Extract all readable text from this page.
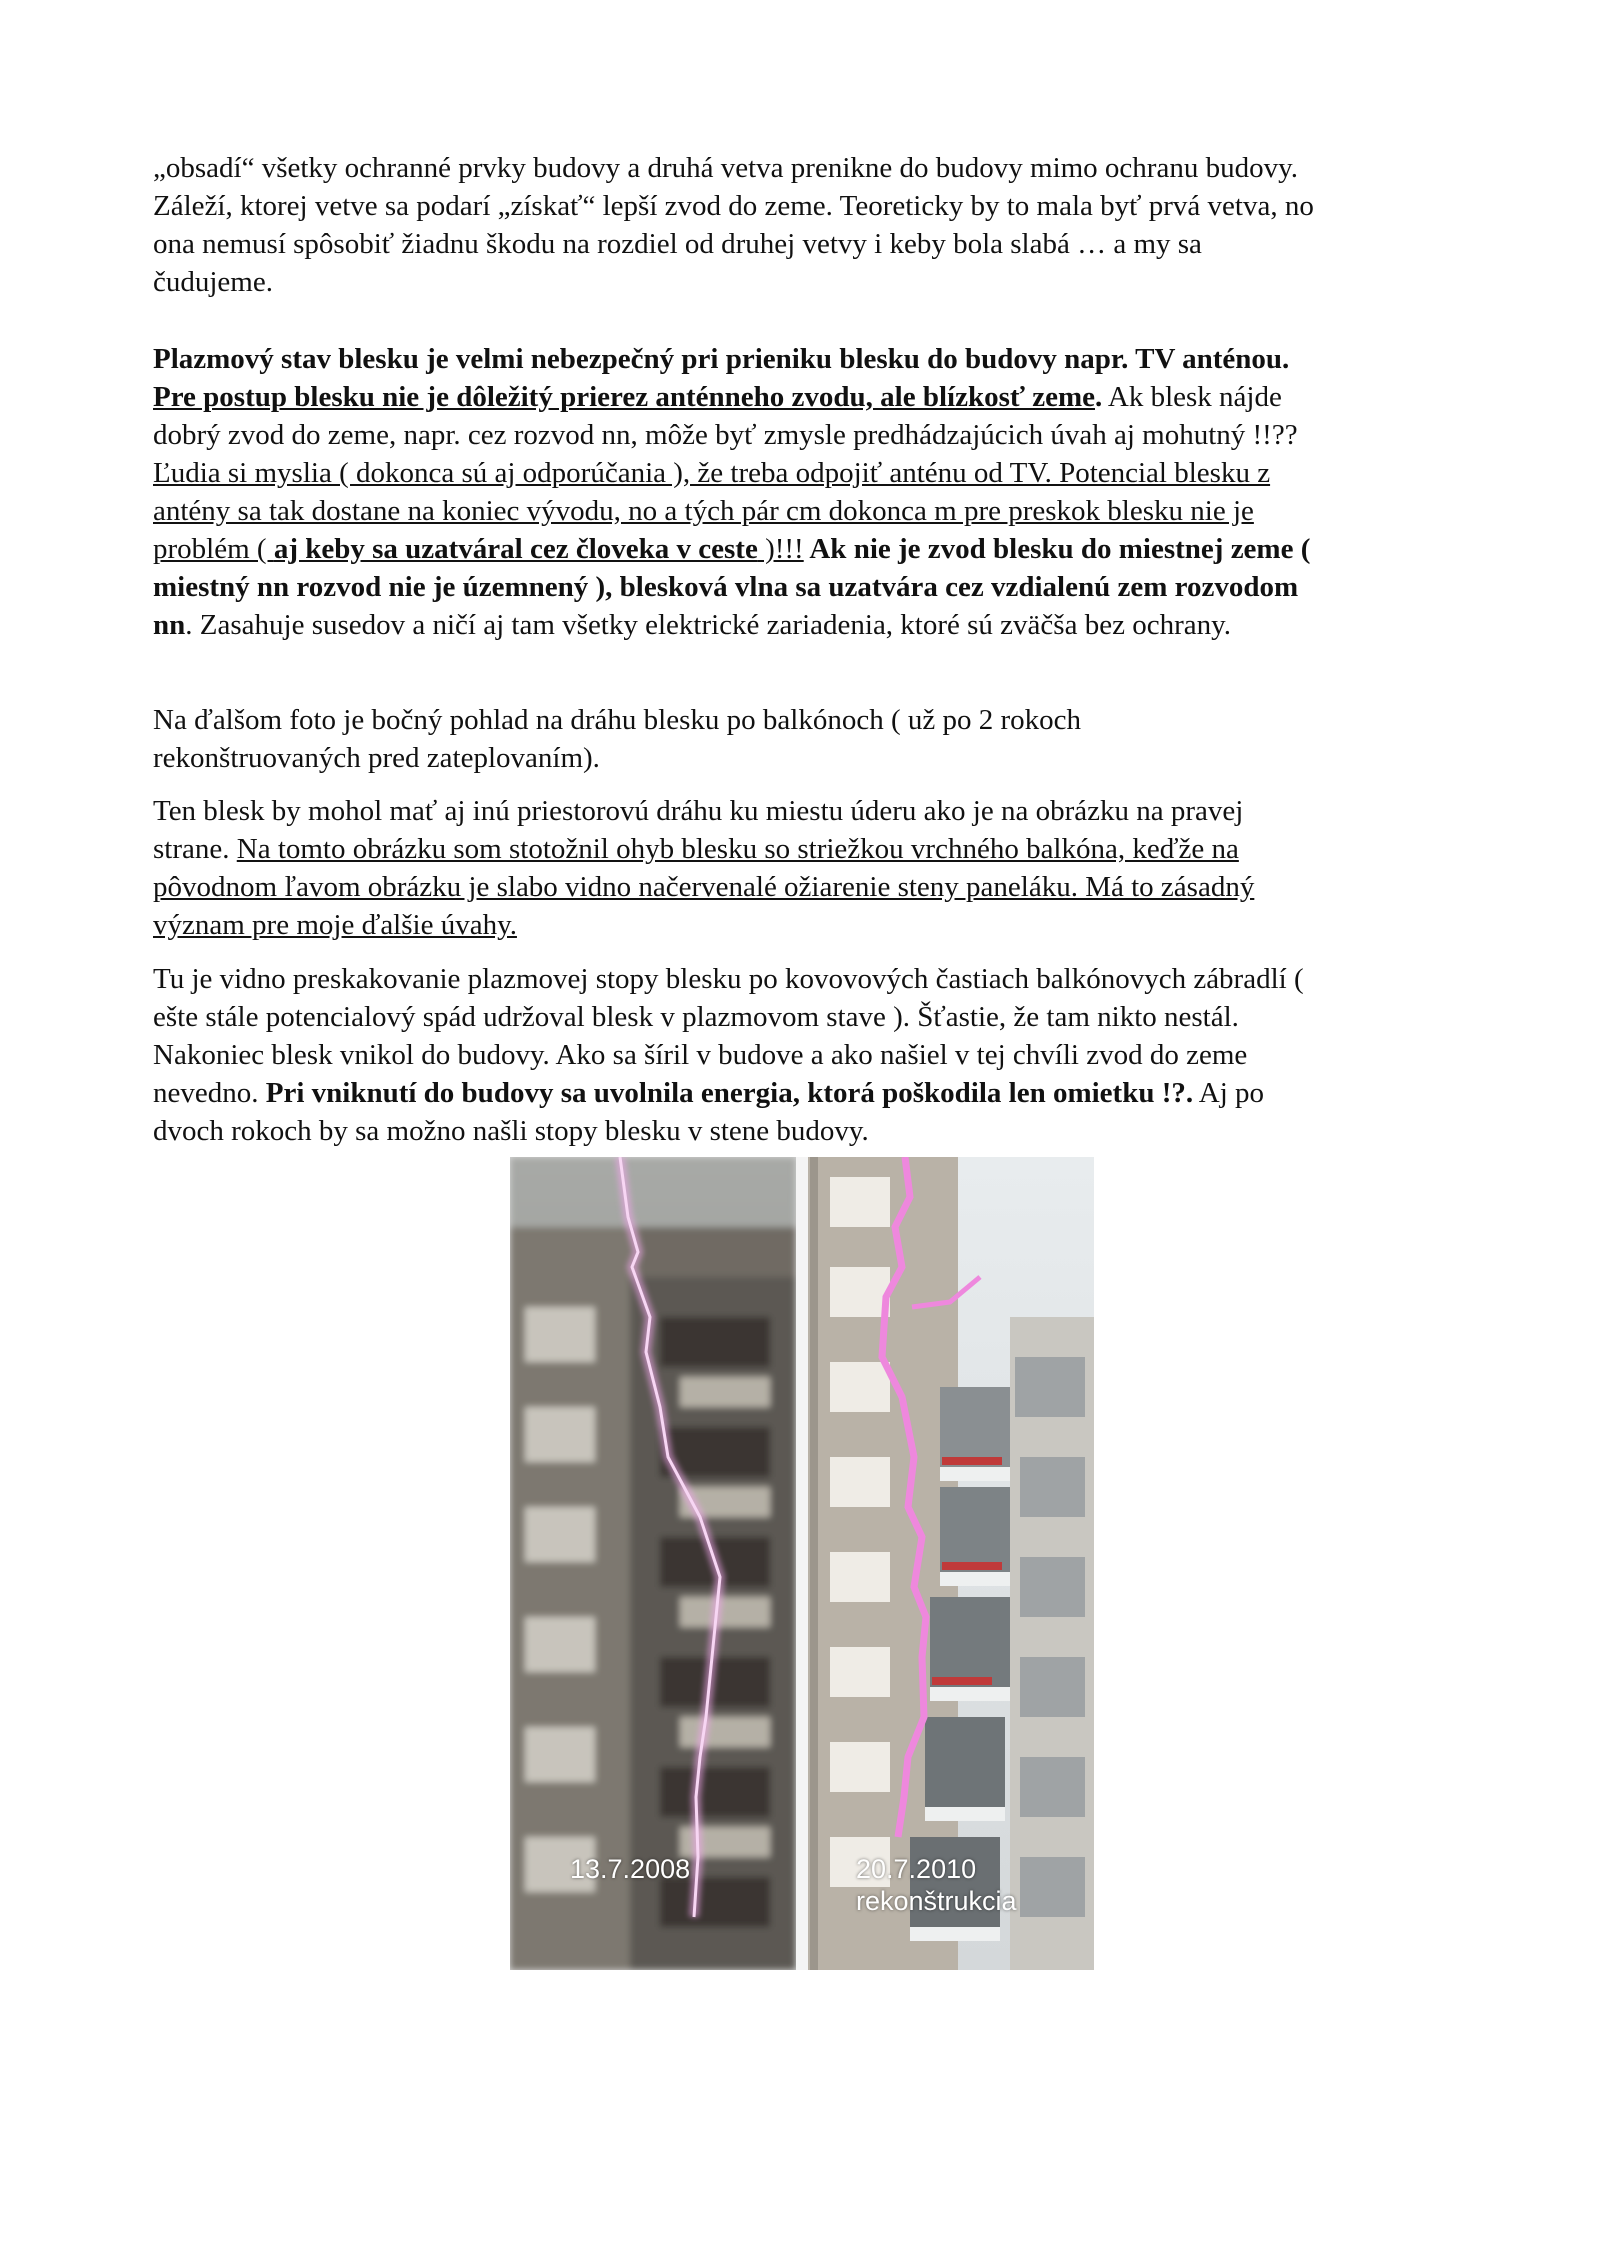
„obsadí“ všetky ochranné prvky budovy a druhá vetva prenikne do budovy mimo ochranu budovy.
Záleží, ktorej vetve sa podarí „získať“ lepší zvod do zeme. Teoreticky by to mala byť prvá vetva, no
ona nemusí spôsobiť žiadnu škodu na rozdiel od druhej vetvy i keby bola slabá … a my sa
čudujeme.
Plazmový stav blesku je velmi nebezpečný pri prieniku blesku do budovy napr. TV anténou.
Pre postup blesku nie je dôležitý prierez anténneho zvodu, ale blízkosť zeme. Ak blesk nájde
dobrý zvod do zeme, napr. cez rozvod nn, môže byť zmysle predhádzajúcich úvah aj mohutný !!??
Ľudia si myslia ( dokonca sú aj odporúčania ), že treba odpojiť anténu od TV. Potencial blesku z
antény sa tak dostane na koniec vývodu, no a tých pár cm dokonca m pre preskok blesku nie je
problém ( aj keby sa uzatváral cez človeka v ceste )!!! Ak nie je zvod blesku do miestnej zeme (
miestný nn rozvod nie je územnený ), blesková vlna sa uzatvára cez vzdialenú zem rozvodom
nn. Zasahuje susedov a ničí aj tam všetky elektrické zariadenia, ktoré sú zväčša bez ochrany.
Na ďalšom foto je bočný pohlad na dráhu blesku po balkónoch ( už po 2 rokoch
rekonštruovaných pred zateplovaním).
Ten blesk by mohol mať aj inú priestorovú dráhu ku miestu úderu ako je na obrázku na pravej
strane. Na tomto obrázku som stotožnil ohyb blesku so striežkou vrchného balkóna, keďže na
pôvodnom ľavom obrázku je slabo vidno načervenalé ožiarenie steny paneláku. Má to zásadný
význam pre moje ďalšie úvahy.
Tu je vidno preskakovanie plazmovej stopy blesku po kovovových častiach balkónovych zábradlí (
ešte stále potencialový spád udržoval blesk v plazmovom stave ). Šťastie, že tam nikto nestál.
Nakoniec blesk vnikol do budovy. Ako sa šíril v budove a ako našiel v tej chvíli zvod do zeme
nevedno. Pri vniknutí do budovy sa uvolnila energia, ktorá poškodila len omietku !?. Aj po
dvoch rokoch by sa možno našli stopy blesku v stene budovy.
13.7.2008	20.7.2010
rekonštrukcia
